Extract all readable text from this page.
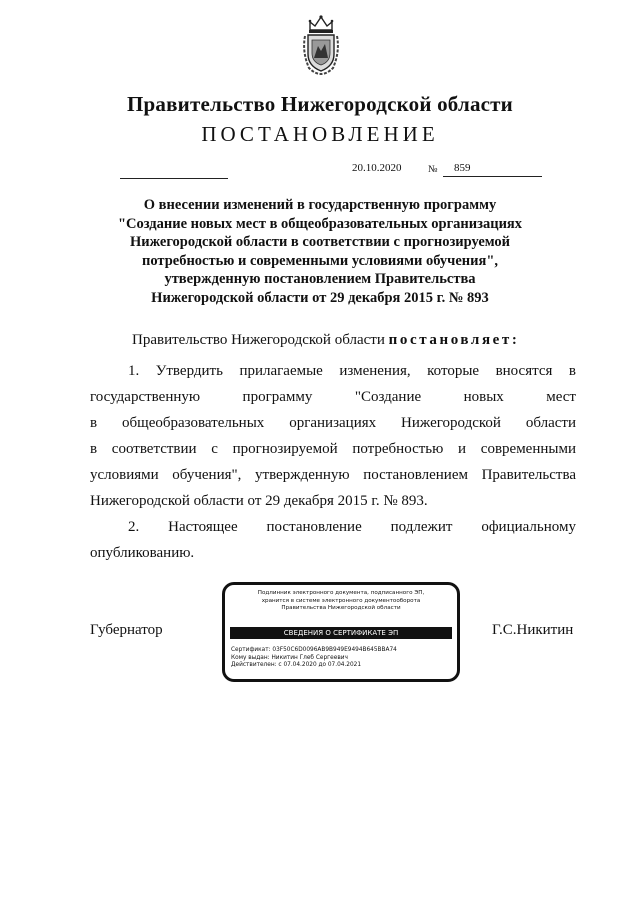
Правительство Нижегородской области
ПОСТАНОВЛЕНИЕ
20.10.2020	№ 859
О внесении изменений в государственную программу
"Создание новых мест в общеобразовательных организациях
Нижегородской области в соответствии с прогнозируемой
потребностью и современными условиями обучения",
утвержденную постановлением Правительства
Нижегородской области от 29 декабря 2015 г. № 893
Правительство Нижегородской области постановляет:
1. Утвердить прилагаемые изменения, которые вносятся в
государственную программу "Создание новых мест
в общеобразовательных организациях Нижегородской области
в соответствии с прогнозируемой потребностью и современными
условиями обучения", утвержденную постановлением Правительства
Нижегородской области от 29 декабря 2015 г. № 893.
2. Настоящее постановление подлежит официальному
опубликованию.
Губернатор	Г.С.Никитин
Подлинник электронного документа, подписанного ЭП,
хранится в системе электронного документооборота
Правительства Нижегородской области
СВЕДЕНИЯ О СЕРТИФИКАТЕ ЭП
Сертификат: 03F50C6D0096AB9B949E9494B645BBA74
Кому выдан: Никитин Глеб Сергеевич
Действителен: с 07.04.2020 до 07.04.2021
